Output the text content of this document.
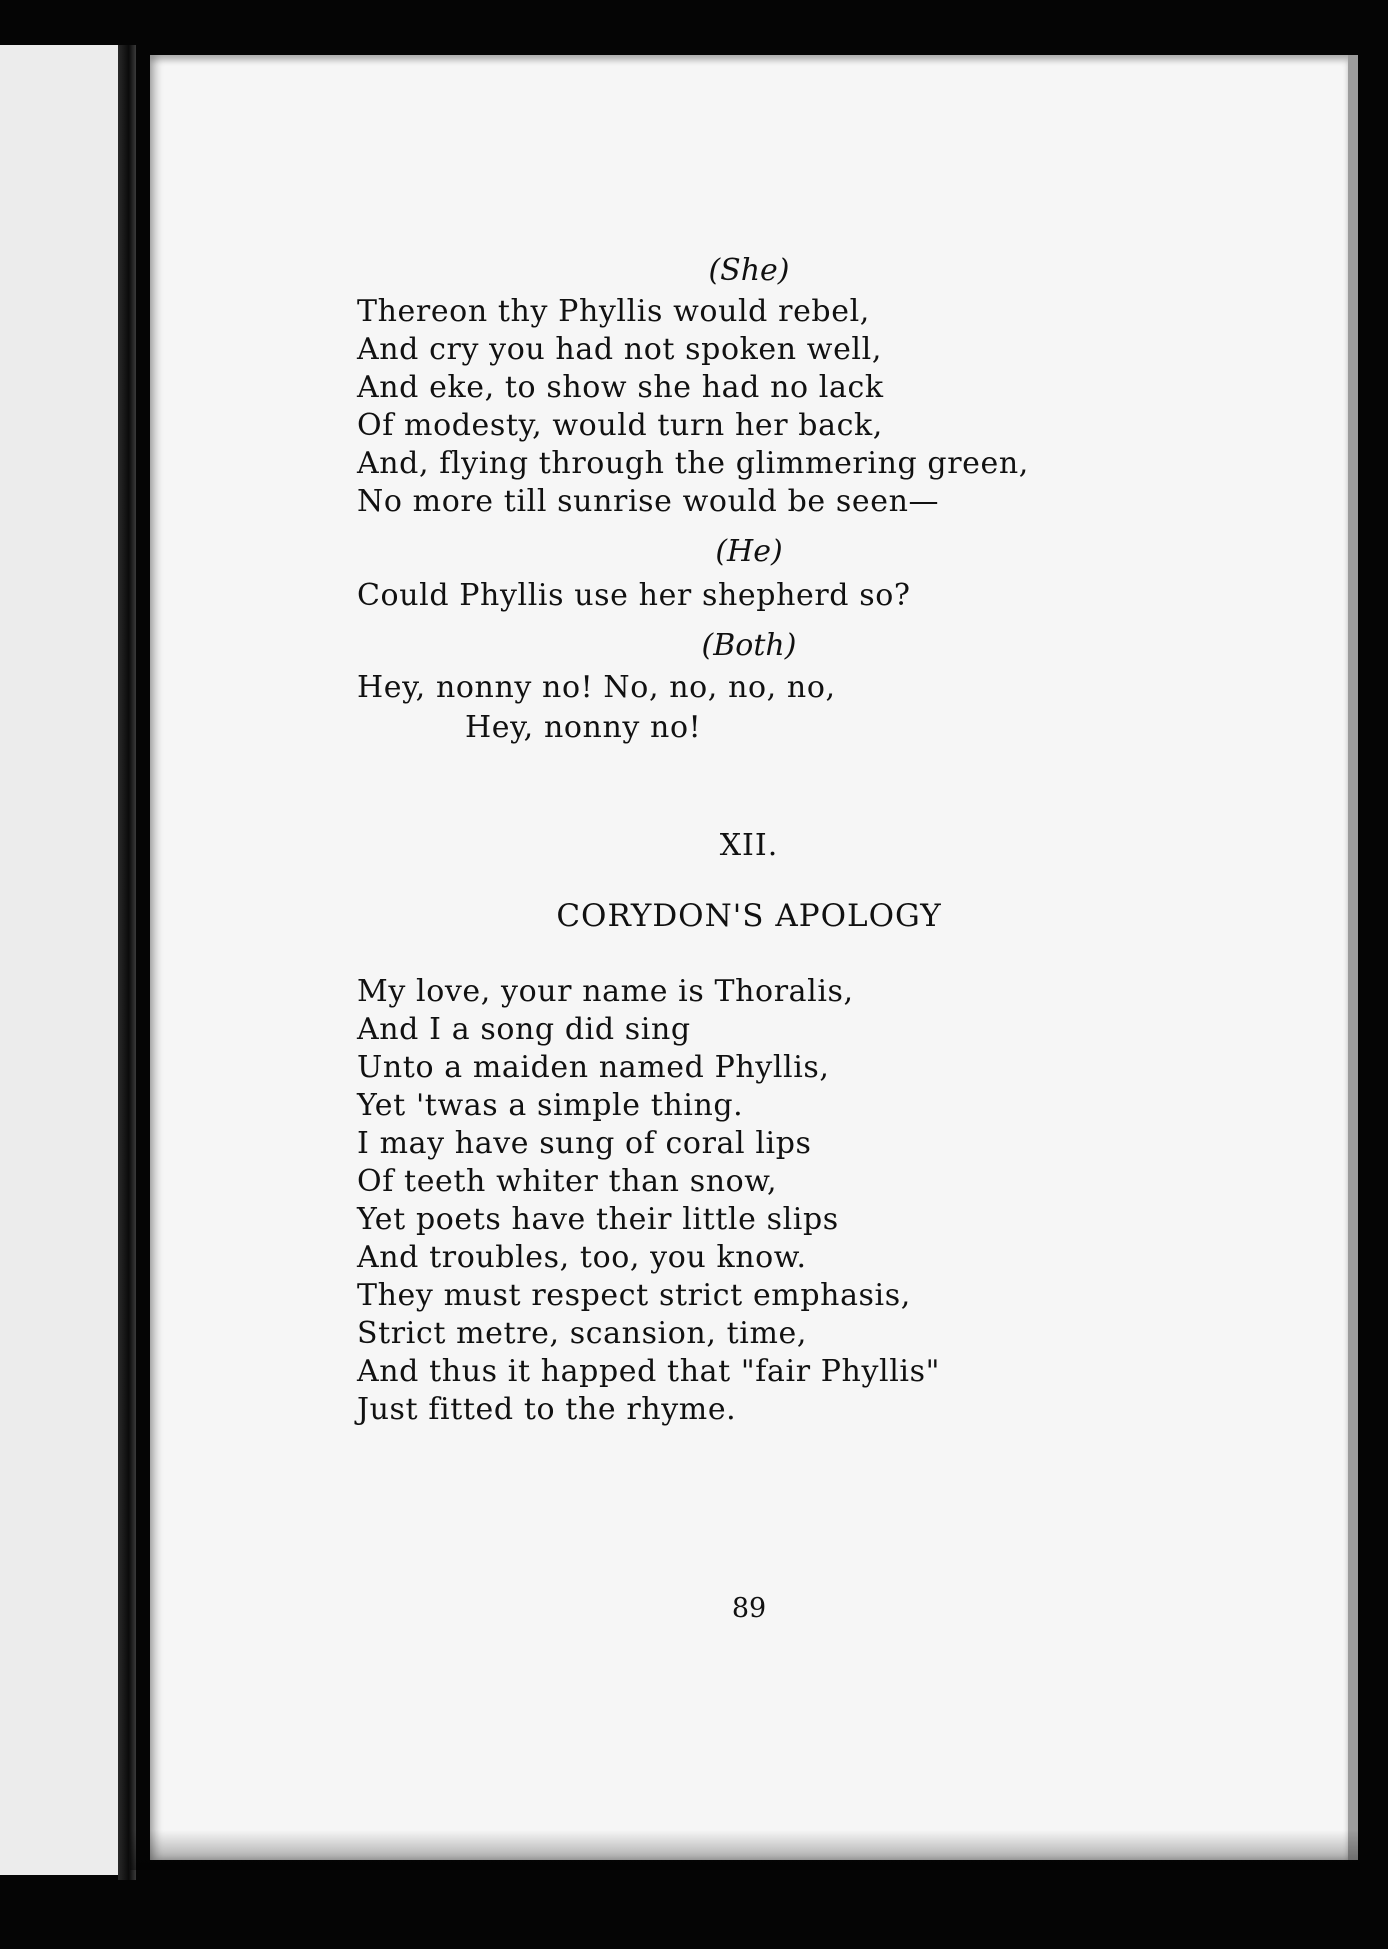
(She)
Thereon thy Phyllis would rebel,
And cry you had not spoken well,
And eke, to show she had no lack
Of modesty, would turn her back,
And, flying through the glimmering green,
No more till sunrise would be seen—
(He)
Could Phyllis use her shepherd so?
(Both)
Hey, nonny no! No, no, no, no,
Hey, nonny no!
XII.
CORYDON'S APOLOGY
My love, your name is Thoralis,
And I a song did sing
Unto a maiden named Phyllis,
Yet 'twas a simple thing.
I may have sung of coral lips
Of teeth whiter than snow,
Yet poets have their little slips
And troubles, too, you know.
They must respect strict emphasis,
Strict metre, scansion, time,
And thus it happed that "fair Phyllis"
Just fitted to the rhyme.
89
